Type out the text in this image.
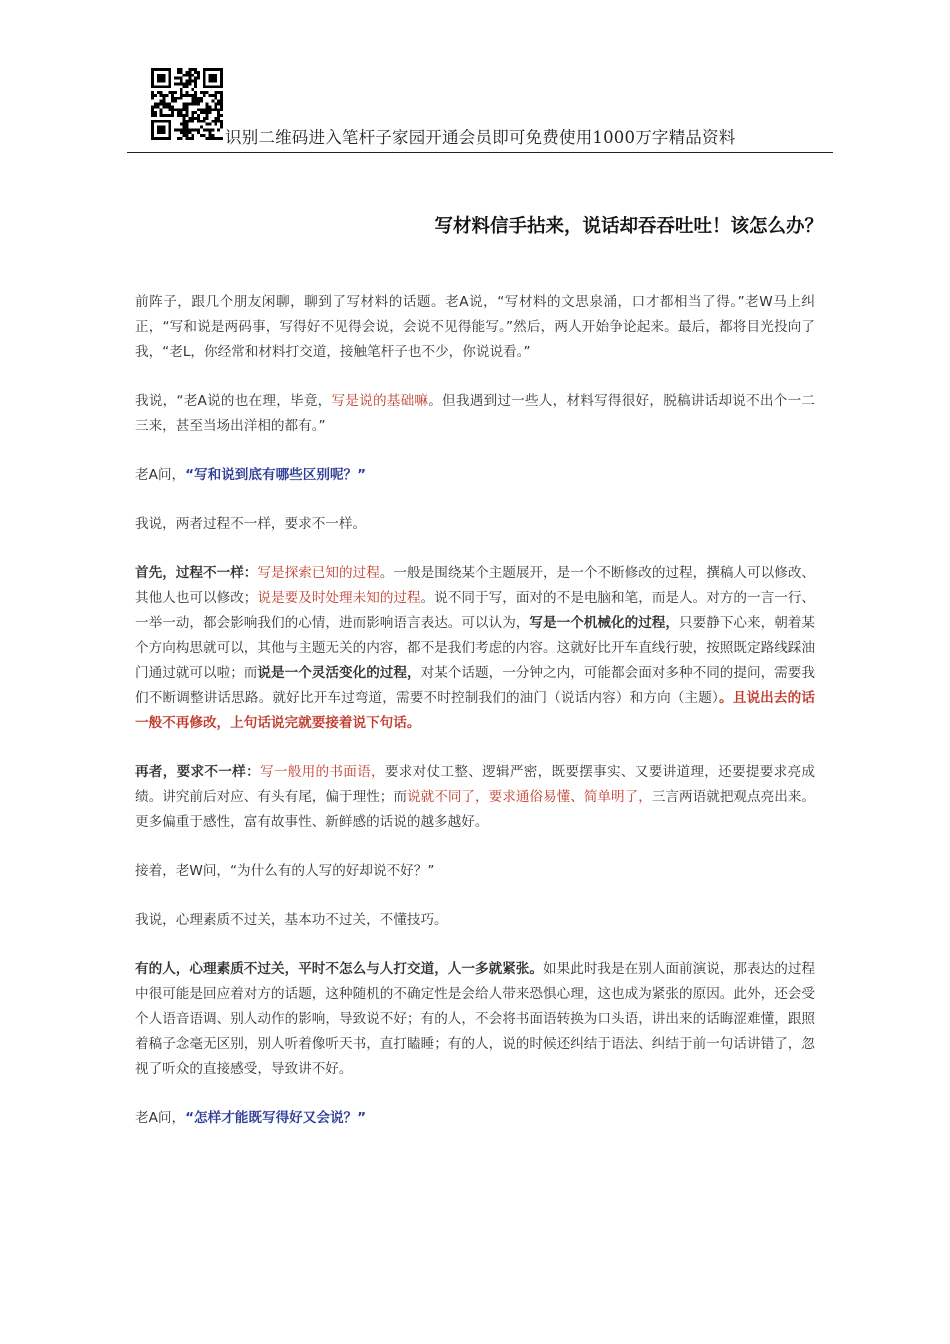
识别二维码进入笔杆子家园开通会员即可免费使用1000万字精品资料
写材料信手拈来，说话却吞吞吐吐！该怎么办？

前阵子，跟几个朋友闲聊，聊到了写材料的话题。老A说，“写材料的文思泉涌，口才都相当了得。”老W马上纠正，“写和说是两码事，写得好不见得会说，会说不见得能写。”然后，两人开始争论起来。最后，都将目光投向了我，“老L，你经常和材料打交道，接触笔杆子也不少，你说说看。”

我说，“老A说的也在理，毕竟，写是说的基础嘛。但我遇到过一些人，材料写得很好，脱稿讲话却说不出个一二三来，甚至当场出洋相的都有。”

老A问，“写和说到底有哪些区别呢？”

我说，两者过程不一样，要求不一样。

首先，过程不一样：写是探索已知的过程。一般是围绕某个主题展开，是一个不断修改的过程，撰稿人可以修改、其他人也可以修改；说是要及时处理未知的过程。说不同于写，面对的不是电脑和笔，而是人。对方的一言一行、一举一动，都会影响我们的心情，进而影响语言表达。可以认为，写是一个机械化的过程，只要静下心来，朝着某个方向构思就可以，其他与主题无关的内容，都不是我们考虑的内容。这就好比开车直线行驶，按照既定路线踩油门通过就可以啦；而说是一个灵活变化的过程，对某个话题，一分钟之内，可能都会面对多种不同的提问，需要我们不断调整讲话思路。就好比开车过弯道，需要不时控制我们的油门（说话内容）和方向（主题）。且说出去的话一般不再修改，上句话说完就要接着说下句话。

再者，要求不一样：写一般用的书面语，要求对仗工整、逻辑严密，既要摆事实、又要讲道理，还要提要求亮成绩。讲究前后对应、有头有尾，偏于理性；而说就不同了，要求通俗易懂、简单明了，三言两语就把观点亮出来。更多偏重于感性，富有故事性、新鲜感的话说的越多越好。

接着，老W问，“为什么有的人写的好却说不好？”

我说，心理素质不过关，基本功不过关，不懂技巧。

有的人，心理素质不过关，平时不怎么与人打交道，人一多就紧张。如果此时我是在别人面前演说，那表达的过程中很可能是回应着对方的话题，这种随机的不确定性是会给人带来恐惧心理，这也成为紧张的原因。此外，还会受个人语音语调、别人动作的影响，导致说不好；有的人，不会将书面语转换为口头语，讲出来的话晦涩难懂，跟照着稿子念毫无区别，别人听着像听天书，直打瞌睡；有的人，说的时候还纠结于语法、纠结于前一句话讲错了，忽视了听众的直接感受，导致讲不好。

老A问，“怎样才能既写得好又会说？”
